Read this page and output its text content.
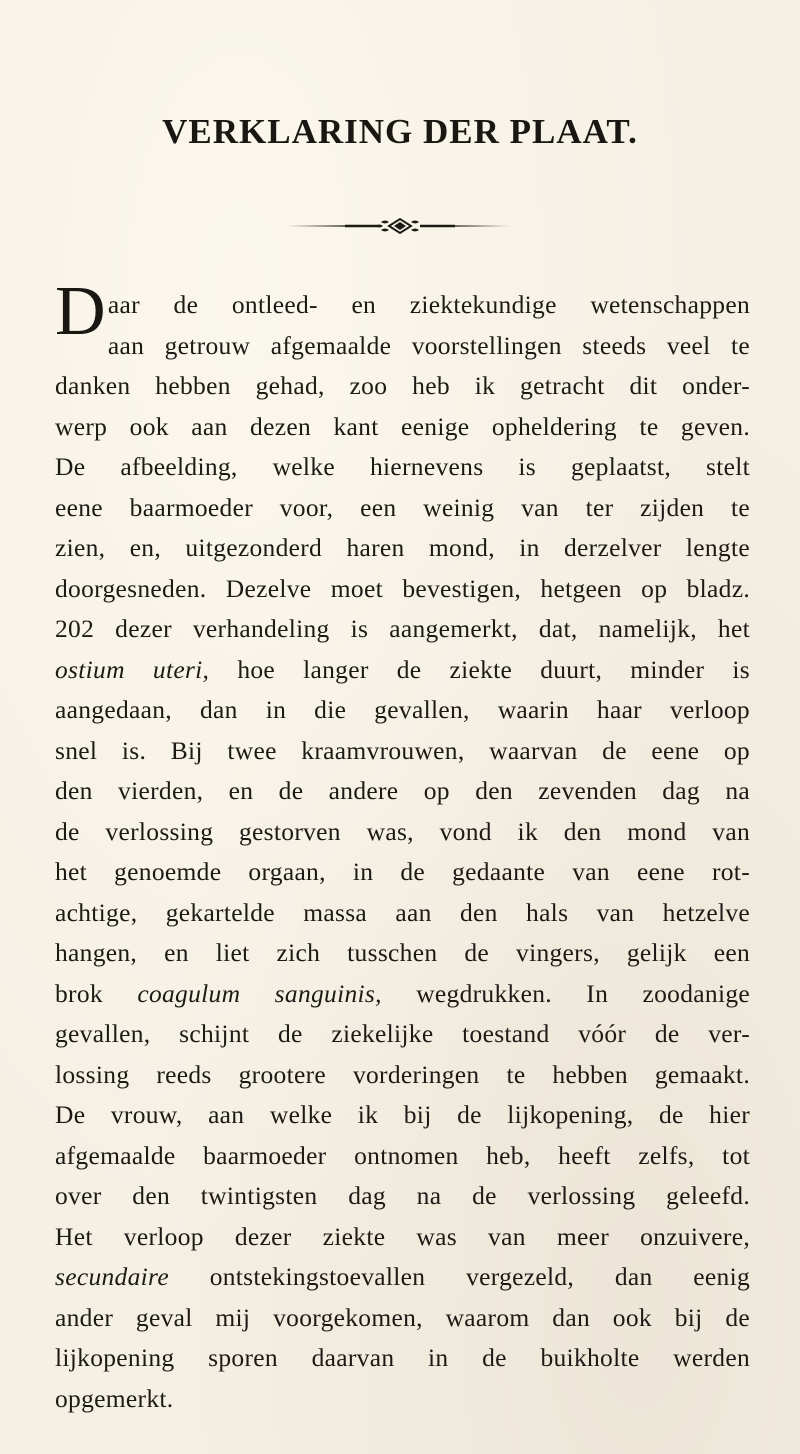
VERKLARING DER PLAAT.
Daar de ontleed- en ziektekundige wetenschappen
aan getrouw afgemaalde voorstellingen steeds veel te
danken hebben gehad, zoo heb ik getracht dit onder-
werp ook aan dezen kant eenige opheldering te geven.
De afbeelding, welke hiernevens is geplaatst, stelt
eene baarmoeder voor, een weinig van ter zijden te
zien, en, uitgezonderd haren mond, in derzelver lengte
doorgesneden. Dezelve moet bevestigen, hetgeen op bladz.
202 dezer verhandeling is aangemerkt, dat, namelijk, het
ostium uteri, hoe langer de ziekte duurt, minder is
aangedaan, dan in die gevallen, waarin haar verloop
snel is. Bij twee kraamvrouwen, waarvan de eene op
den vierden, en de andere op den zevenden dag na
de verlossing gestorven was, vond ik den mond van
het genoemde orgaan, in de gedaante van eene rot-
achtige, gekartelde massa aan den hals van hetzelve
hangen, en liet zich tusschen de vingers, gelijk een
brok coagulum sanguinis, wegdrukken. In zoodanige
gevallen, schijnt de ziekelijke toestand vóór de ver-
lossing reeds grootere vorderingen te hebben gemaakt.
De vrouw, aan welke ik bij de lijkopening, de hier
afgemaalde baarmoeder ontnomen heb, heeft zelfs, tot
over den twintigsten dag na de verlossing geleefd.
Het verloop dezer ziekte was van meer onzuivere,
secundaire ontstekingstoevallen vergezeld, dan eenig
ander geval mij voorgekomen, waarom dan ook bij de
lijkopening sporen daarvan in de buikholte werden
opgemerkt.
